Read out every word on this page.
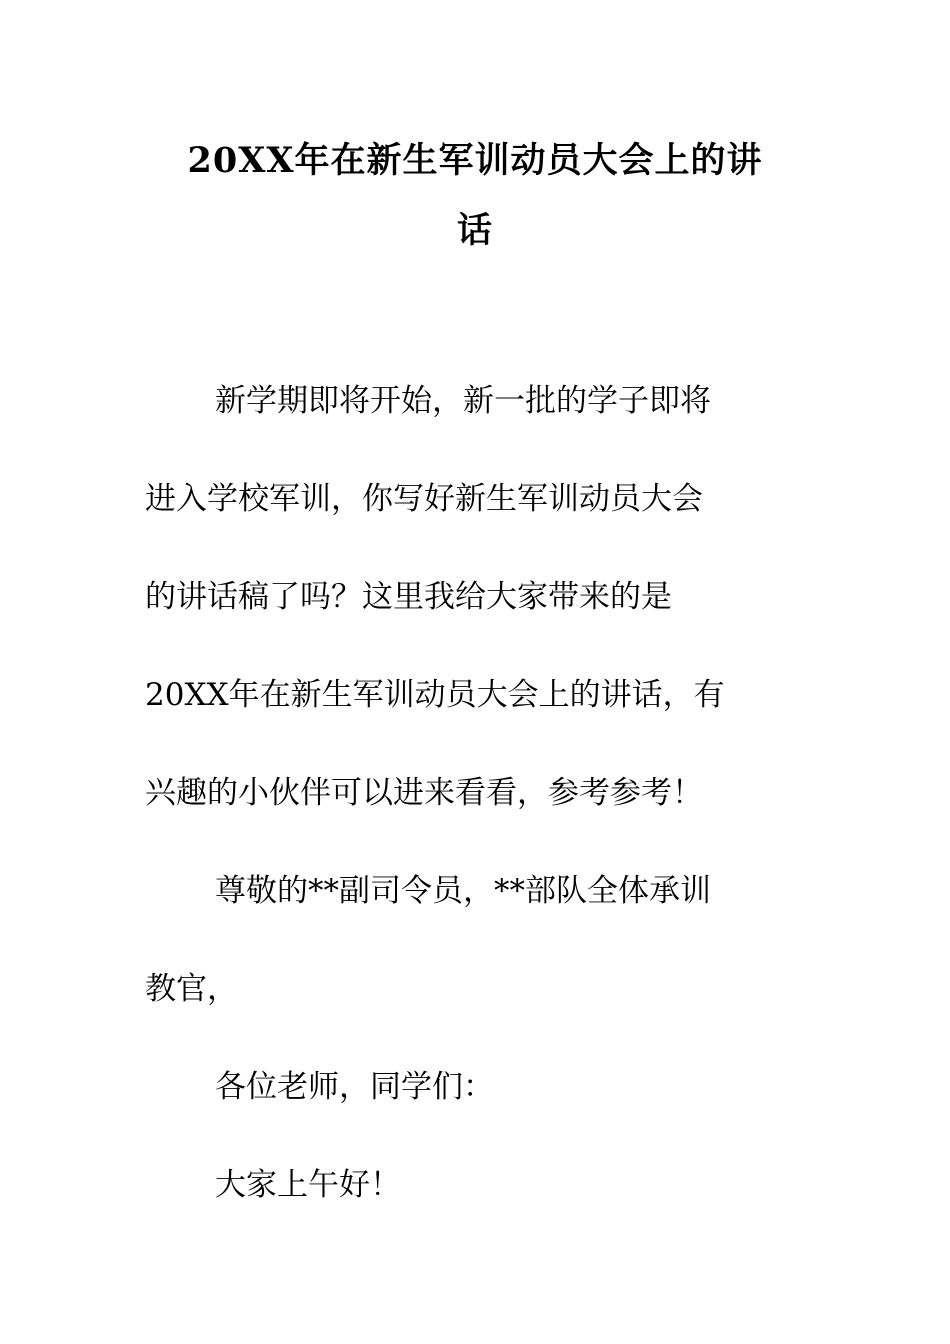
20XX年在新生军训动员大会上的讲
话
新学期即将开始，新一批的学子即将
进入学校军训，你写好新生军训动员大会
的讲话稿了吗？这里我给大家带来的是
20XX年在新生军训动员大会上的讲话，有
兴趣的小伙伴可以进来看看，参考参考！
尊敬的**副司令员，**部队全体承训
教官，
各位老师，同学们：
大家上午好！
